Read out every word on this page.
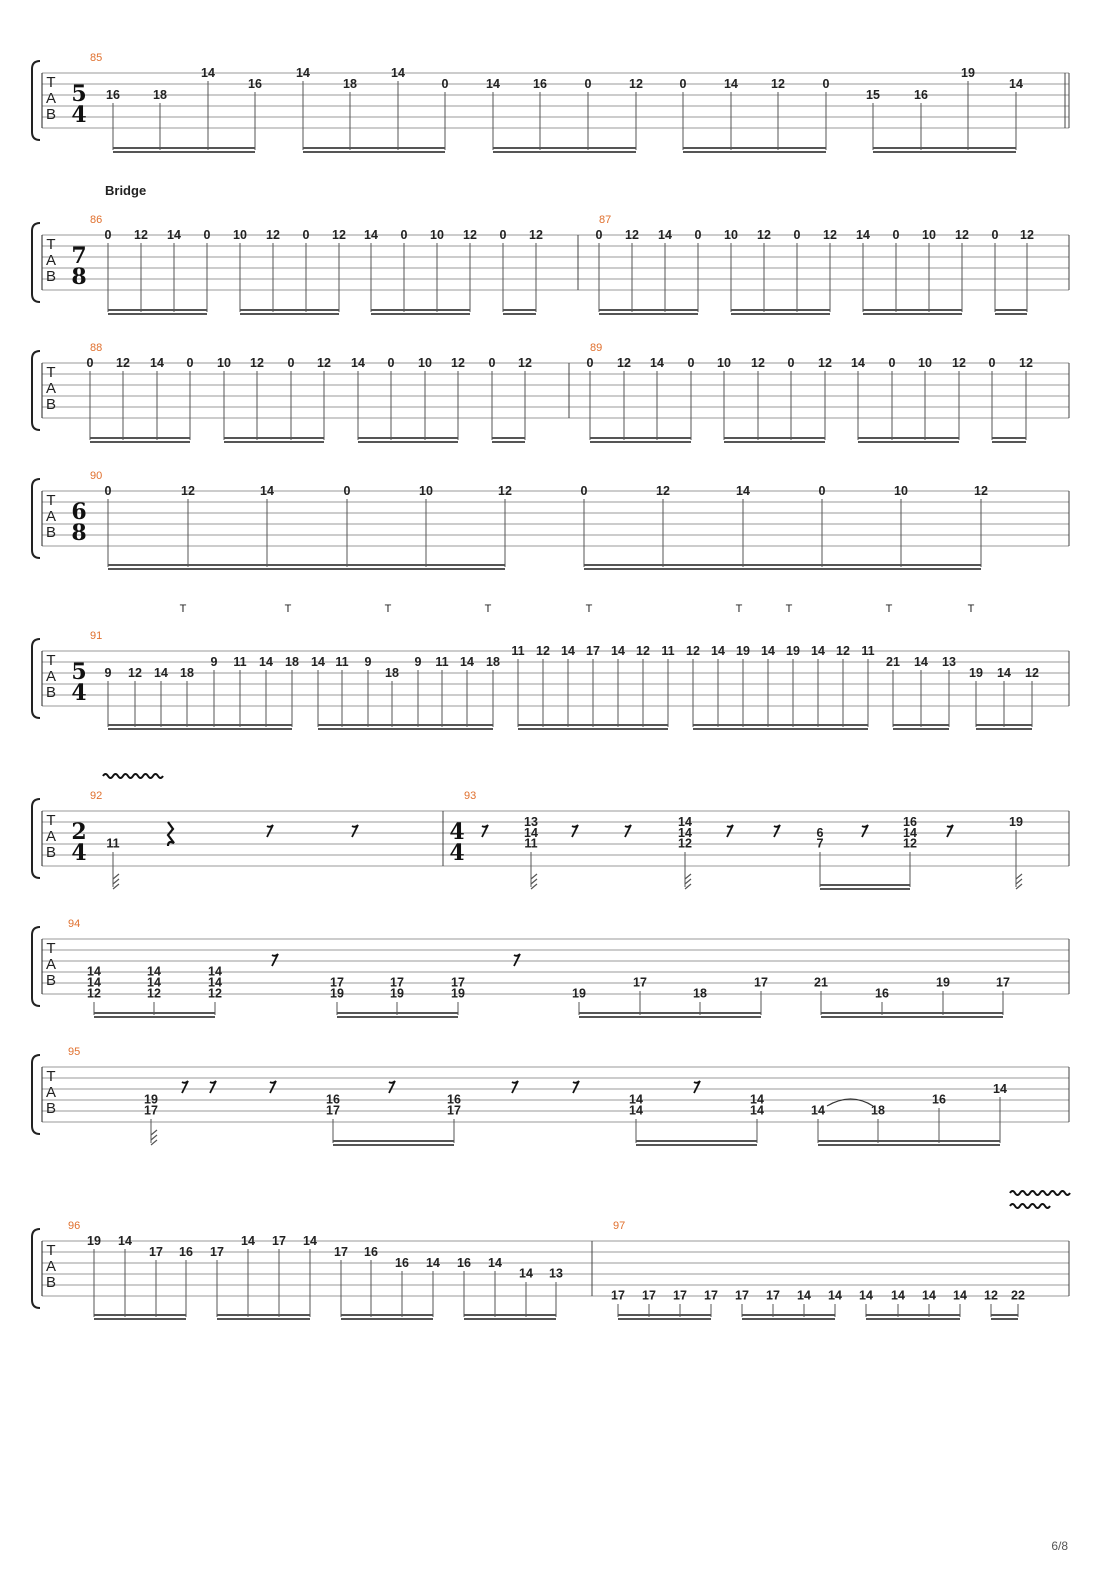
T
A
B
85
5
4
16	18
14
16
14
18
14
0	14	16	0	12	0	14	12	0
15	16
19
14
T
A
B
86
7
8
87
0 12 14 0 10 12 0 12 14 0 10 12 0 12	0 12 14 0 10 12 0 12 14 0 10 12 0 12
T
A
B
88	89
0 12 14 0 10 12 0 12 14 0 10 12 0 12	0 12 14 0 10 12 0 12 14 0 10 12 0 12
T
A
B
90
6
8
0	12	14	0	10	12	0	12	14	0	10	12
T
A
B
91
5
4
9 12 14 18
9 11 14 18 14 11 9
18
9 11 14 18
11 12 14 17 14 12 11 12 14 19 14 19 14 12 11
21 14 13
19 14 12
T
A
B
92
2
4
93
4
4
11
13
14
11
14
14
12
6
7
16
14
12
19
T
A
B
94
14
14
12
14
14
12
14
14
12
17
19
17
19
17
19	19
17
18
17	21
16
19	17
T
A
B
95
19
17
16
17
16
17
14
14
14
14	14	18
16
14
T
A
B
96	97
19 14
17 16 17
14 17 14
17 16
16 14 16 14
14 13
17 17 17 17 17 17 14 14 14 14 14 14 12 22
Bridge
T	T	T	T	T	T	T	T	T
6/8
